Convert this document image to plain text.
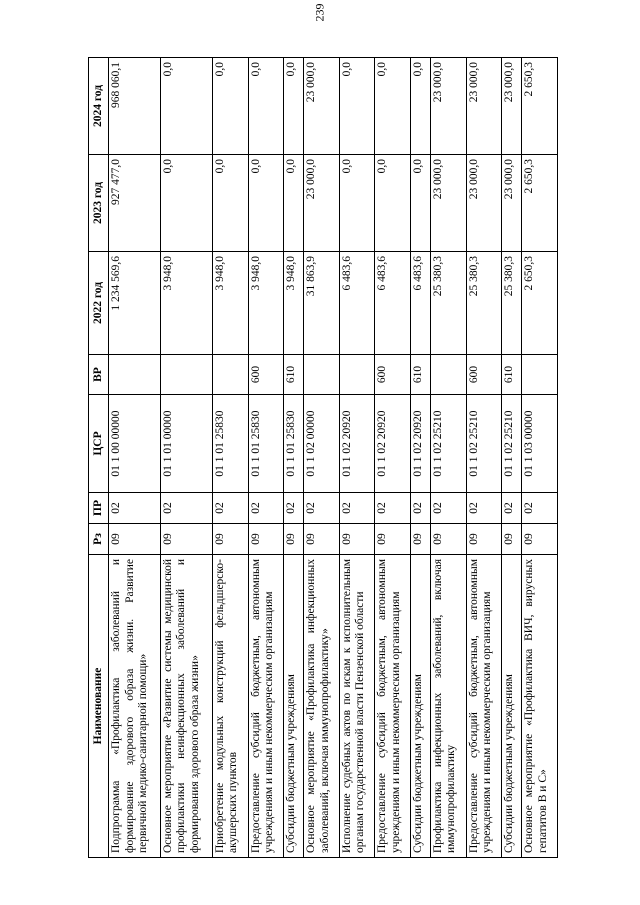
239
Наименование	Рз	ПР	ЦСР	ВР	2022 год	2023 год	2024 год
Подпрограмма «Профилактика заболеваний и формирование здорового образа жизни. Развитие первичной медико-санитарной помощи»	09	02	01 1 00 00000		1 234 569,6	927 477,0	968 060,1
Основное мероприятие «Развитие системы медицинской профилактики неинфекционных заболеваний и формирования здорового образа жизни»	09	02	01 1 01 00000		3 948,0	0,0	0,0
Приобретение модульных конструкций фельдшерско-акушерских пунктов	09	02	01 1 01 25830		3 948,0	0,0	0,0
Предоставление субсидий бюджетным, автономным учреждениям и иным некоммерческим организациям	09	02	01 1 01 25830	600	3 948,0	0,0	0,0
Субсидии бюджетным учреждениям	09	02	01 1 01 25830	610	3 948,0	0,0	0,0
Основное мероприятие «Профилактика инфекционных заболеваний, включая иммунопрофилактику»	09	02	01 1 02 00000		31 863,9	23 000,0	23 000,0
Исполнение судебных актов по искам к исполнительным органам государственной власти Пензенской области	09	02	01 1 02 20920		6 483,6	0,0	0,0
Предоставление субсидий бюджетным, автономным учреждениям и иным некоммерческим организациям	09	02	01 1 02 20920	600	6 483,6	0,0	0,0
Субсидии бюджетным учреждениям	09	02	01 1 02 20920	610	6 483,6	0,0	0,0
Профилактика инфекционных заболеваний, включая иммунопрофилактику	09	02	01 1 02 25210		25 380,3	23 000,0	23 000,0
Предоставление субсидий бюджетным, автономным учреждениям и иным некоммерческим организациям	09	02	01 1 02 25210	600	25 380,3	23 000,0	23 000,0
Субсидии бюджетным учреждениям	09	02	01 1 02 25210	610	25 380,3	23 000,0	23 000,0
Основное мероприятие «Профилактика ВИЧ, вирусных гепатитов В и С»	09	02	01 1 03 00000		2 650,3	2 650,3	2 650,3
